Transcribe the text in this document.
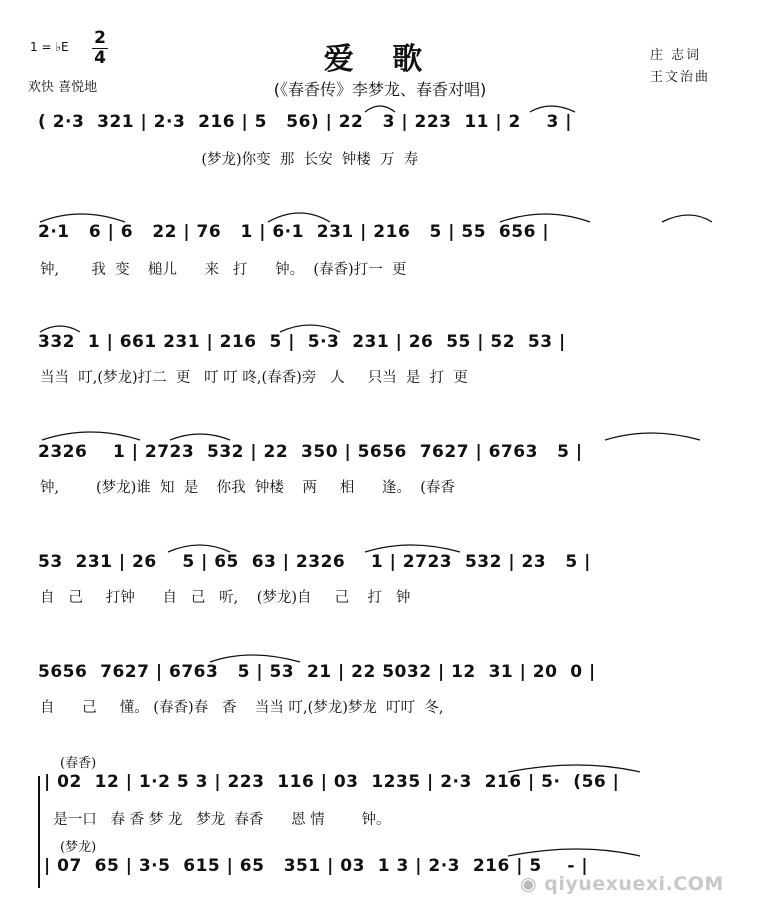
1 = ♭E 2
4
欢快 喜悦地
爱 歌
(《春香传》李梦龙、春香对唱)
庄 志词
王文治曲
( 2·3  321 | 2·3  216 | 5   56) | 22   3 | 223  11 | 2    3 |
(梦龙)你变  那  长安  钟楼  万  寿
2·1   6 | 6   22 | 76   1 | 6·1  231 | 216   5 | 55  656 |
钟,       我  变    槌儿      来   打      钟。  (春香)打一  更
332  1 | 661 231 | 216  5 |  5·3  231 | 26  55 | 52  53 |
当当  叮,(梦龙)打二  更   叮 叮 咚,(春香)旁   人     只当  是  打  更
2326    1 | 2723  532 | 22  350 | 5656  7627 | 6763   5 |
钟,        (梦龙)谁  知  是    你我  钟楼    两     相      逢。  (春香
53  231 | 26    5 | 65  63 | 2326    1 | 2723  532 | 23   5 |
自   己     打钟      自   己   听,    (梦龙)自     己    打   钟
5656  7627 | 6763   5 | 53  21 | 22 5032 | 12  31 | 20  0 |
自      己     懂。 (春香)春   香    当当 叮,(梦龙)梦龙  叮叮  冬,
(春香)
| 02  12 | 1·2 5 3 | 223  116 | 03  1235 | 2·3  216 | 5·  (56 |
是一口   春 香 梦 龙   梦龙  春香      恩 情        钟。
(梦龙)
| 07  65 | 3·5  615 | 65   351 | 03  1 3 | 2·3  216 | 5    - |
◉ qiyuexuexi.COM
